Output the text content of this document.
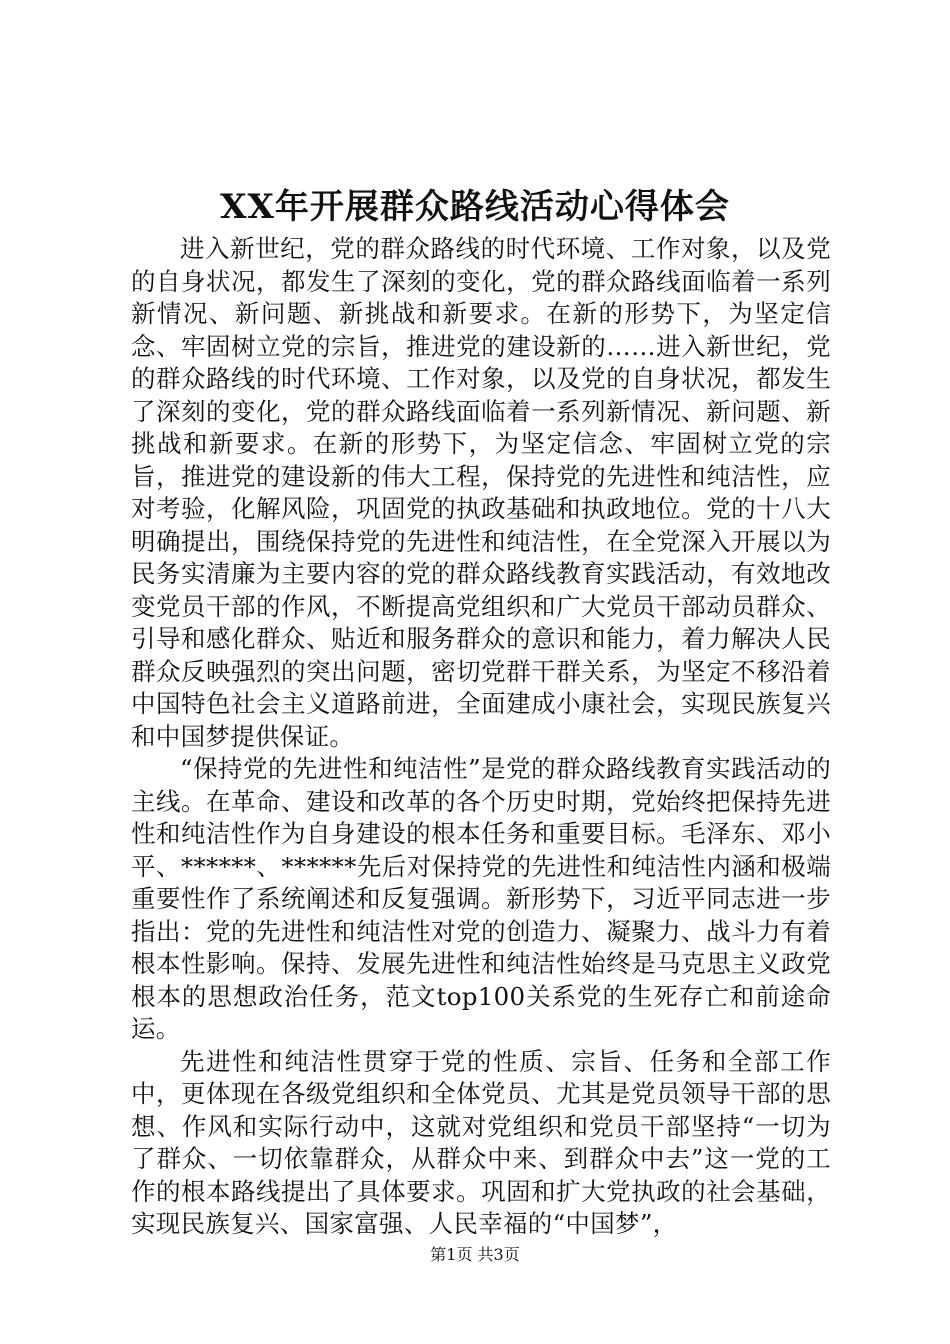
XX年开展群众路线活动心得体会

进入新世纪，党的群众路线的时代环境、工作对象，以及党的自身状况，都发生了深刻的变化，党的群众路线面临着一系列新情况、新问题、新挑战和新要求。在新的形势下，为坚定信念、牢固树立党的宗旨，推进党的建设新的……进入新世纪，党的群众路线的时代环境、工作对象，以及党的自身状况，都发生了深刻的变化，党的群众路线面临着一系列新情况、新问题、新挑战和新要求。在新的形势下，为坚定信念、牢固树立党的宗旨，推进党的建设新的伟大工程，保持党的先进性和纯洁性，应对考验，化解风险，巩固党的执政基础和执政地位。党的十八大明确提出，围绕保持党的先进性和纯洁性，在全党深入开展以为民务实清廉为主要内容的党的群众路线教育实践活动，有效地改变党员干部的作风，不断提高党组织和广大党员干部动员群众、引导和感化群众、贴近和服务群众的意识和能力，着力解决人民群众反映强烈的突出问题，密切党群干群关系，为坚定不移沿着中国特色社会主义道路前进，全面建成小康社会，实现民族复兴和中国梦提供保证。

“保持党的先进性和纯洁性”是党的群众路线教育实践活动的主线。在革命、建设和改革的各个历史时期，党始终把保持先进性和纯洁性作为自身建设的根本任务和重要目标。毛泽东、邓小平、******、******先后对保持党的先进性和纯洁性内涵和极端重要性作了系统阐述和反复强调。新形势下，习近平同志进一步指出：党的先进性和纯洁性对党的创造力、凝聚力、战斗力有着根本性影响。保持、发展先进性和纯洁性始终是马克思主义政党根本的思想政治任务，范文top100关系党的生死存亡和前途命运。

先进性和纯洁性贯穿于党的性质、宗旨、任务和全部工作中，更体现在各级党组织和全体党员、尤其是党员领导干部的思想、作风和实际行动中，这就对党组织和党员干部坚持“一切为了群众、一切依靠群众，从群众中来、到群众中去”这一党的工作的根本路线提出了具体要求。巩固和扩大党执政的社会基础，实现民族复兴、国家富强、人民幸福的“中国梦”，

第1页 共3页
